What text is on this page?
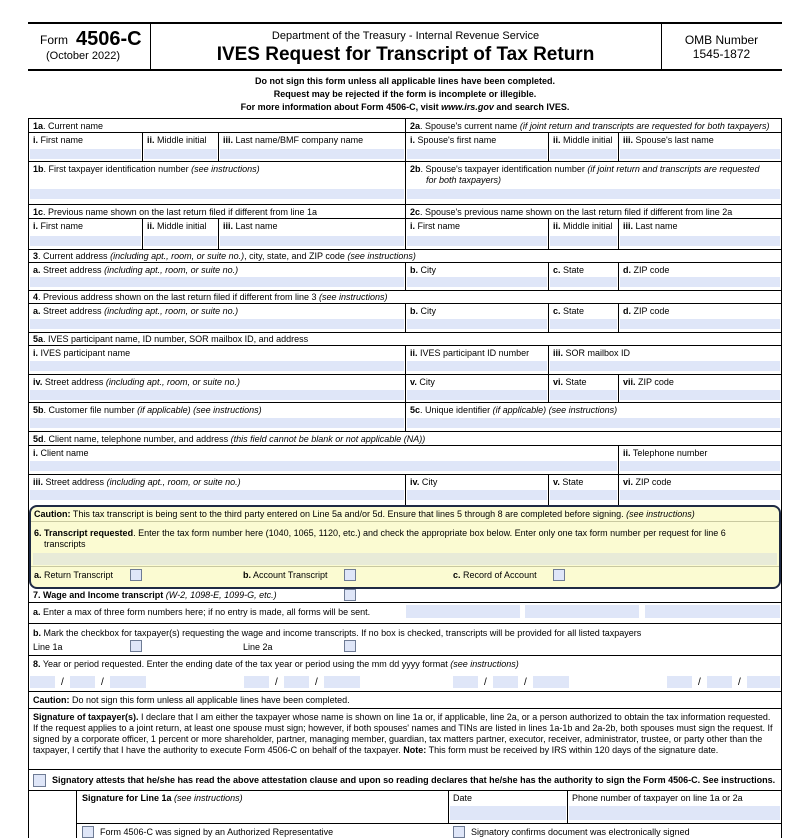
Form 4506-C
(October 2022)
Department of the Treasury - Internal Revenue Service
IVES Request for Transcript of Tax Return
OMB Number
1545-1872
Do not sign this form unless all applicable lines have been completed.
Request may be rejected if the form is incomplete or illegible.
For more information about Form 4506-C, visit www.irs.gov and search IVES.
1a. Current name	2a. Spouse's current name (if joint return and transcripts are requested for both taxpayers)
i. First name	ii. Middle initial iii. Last name/BMF company name	i. Spouse's first name	ii. Middle initial iii. Spouse's last name
1b. First taxpayer identification number (see instructions)	2b. Spouse's taxpayer identification number (if joint return and transcripts are requested
for both taxpayers)
1c. Previous name shown on the last return filed if different from line 1a	2c. Spouse's previous name shown on the last return filed if different from line 2a
i. First name	ii. Middle initial iii. Last name	i. First name	ii. Middle initial iii. Last name
3. Current address (including apt., room, or suite no.), city, state, and ZIP code (see instructions)
a. Street address (including apt., room, or suite no.)	b. City	c. State	d. ZIP code
4. Previous address shown on the last return filed if different from line 3 (see instructions)
a. Street address (including apt., room, or suite no.)	b. City	c. State	d. ZIP code
5a. IVES participant name, ID number, SOR mailbox ID, and address
i. IVES participant name	ii. IVES participant ID number	iii. SOR mailbox ID
iv. Street address (including apt., room, or suite no.)	v. City	vi. State	vii. ZIP code
5b. Customer file number (if applicable) (see instructions)	5c. Unique identifier (if applicable) (see instructions)
5d. Client name, telephone number, and address (this field cannot be blank or not applicable (NA))
i. Client name	ii. Telephone number
iii. Street address (including apt., room, or suite no.)	iv. City	v. State	vi. ZIP code
Caution: This tax transcript is being sent to the third party entered on Line 5a and/or 5d. Ensure that lines 5 through 8 are completed before signing. (see instructions)
6. Transcript requested. Enter the tax form number here (1040, 1065, 1120, etc.) and check the appropriate box below. Enter only one tax form number per request for line 6
transcripts
a. Return Transcript	b. Account Transcript	c. Record of Account
7. Wage and Income transcript (W-2, 1098-E, 1099-G, etc.)
a. Enter a max of three form numbers here; if no entry is made, all forms will be sent.
b. Mark the checkbox for taxpayer(s) requesting the wage and income transcripts. If no box is checked, transcripts will be provided for all listed taxpayers
Line 1a	Line 2a
8. Year or period requested. Enter the ending date of the tax year or period using the mm dd yyyy format (see instructions)
/	/	/	/	/	/	/	/
Caution: Do not sign this form unless all applicable lines have been completed.
Signature of taxpayer(s). I declare that I am either the taxpayer whose name is shown on line 1a or, if applicable, line 2a, or a person authorized to obtain the tax information requested. If the request applies to a joint return, at least one spouse must sign; however, if both spouses' names and TINs are listed in lines 1a-1b and 2a-2b, both spouses must sign the request. If signed by a corporate officer, 1 percent or more shareholder, partner, managing member, guardian, tax matters partner, executor, receiver, administrator, trustee, or party other than the taxpayer, I certify that I have the authority to execute Form 4506-C on behalf of the taxpayer. Note: This form must be received by IRS within 120 days of the signature date.
Signatory attests that he/she has read the above attestation clause and upon so reading declares that he/she has the authority to sign the Form 4506-C. See instructions.
Signature for Line 1a (see instructions)	Date	Phone number of taxpayer on line 1a or 2a
Form 4506-C was signed by an Authorized Representative	Signatory confirms document was electronically signed
